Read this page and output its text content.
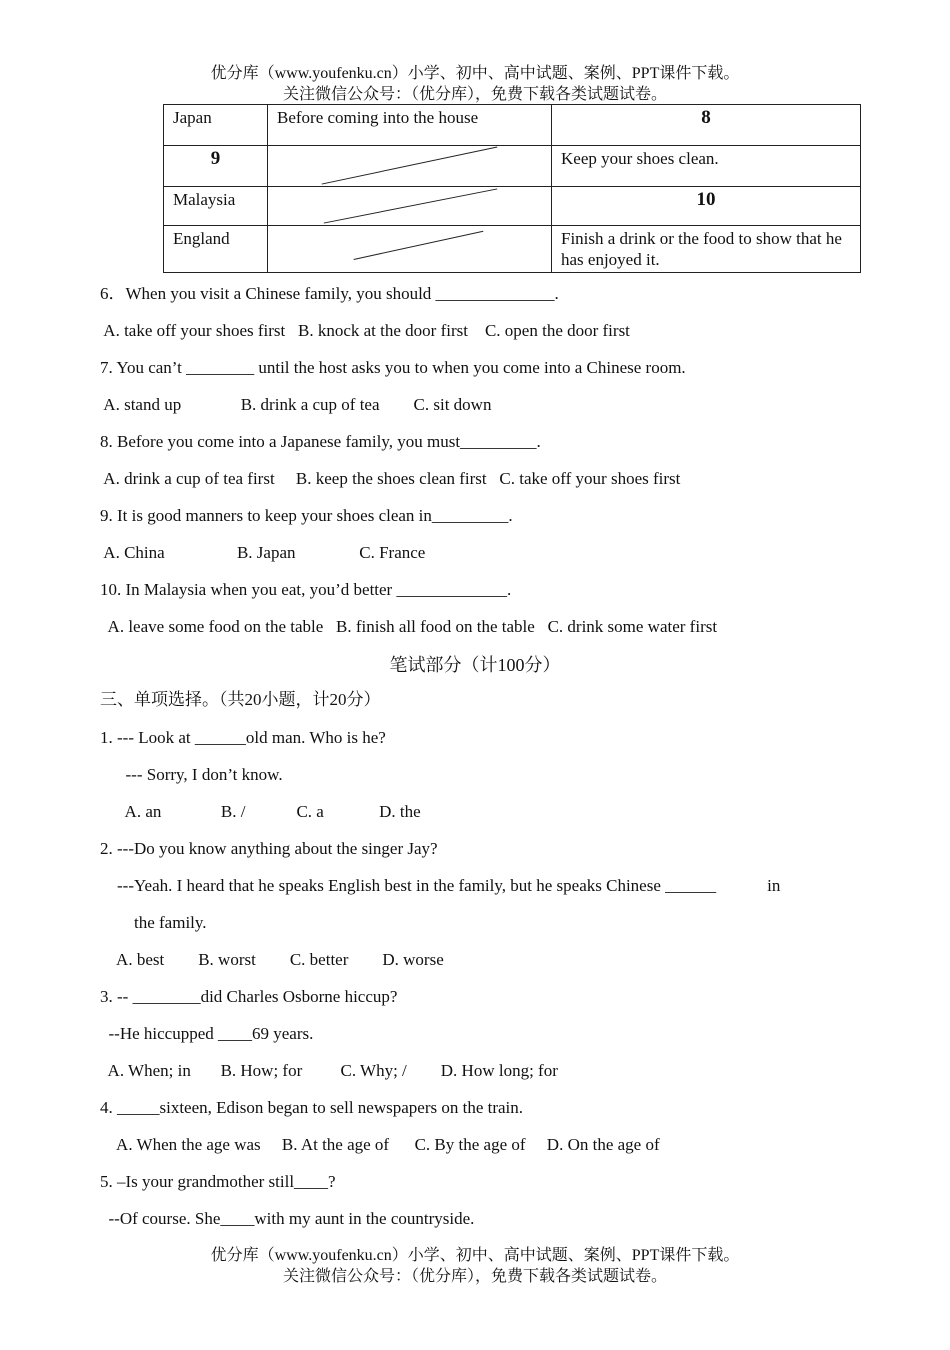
优分库（www.youfenku.cn）小学、初中、高中试题、案例、PPT课件下载。
关注微信公众号：（优分库），免费下载各类试题试卷。
Japan	Before coming into the house	8
9		Keep your shoes clean.
Malaysia		10
England		Finish a drink or the food to show that he has enjoyed it.
6．When you visit a Chinese family, you should ______________.
A. take off your shoes first   B. knock at the door first    C. open the door first
7. You can’t ________ until the host asks you to when you come into a Chinese room.
A. stand up              B. drink a cup of tea        C. sit down
8. Before you come into a Japanese family, you must_________.
A. drink a cup of tea first     B. keep the shoes clean first   C. take off your shoes first
9. It is good manners to keep your shoes clean in_________.
A. China                 B. Japan               C. France
10. In Malaysia when you eat, you’d better _____________.
A. leave some food on the table   B. finish all food on the table   C. drink some water first
笔试部分（计100分）
三、单项选择。（共20小题，计20分）
1. --- Look at ______old man. Who is he?
--- Sorry, I don’t know.
A. an              B. /            C. a             D. the
2. ---Do you know anything about the singer Jay?
---Yeah. I heard that he speaks English best in the family, but he speaks Chinese ______            in
the family.
A. best        B. worst        C. better        D. worse
3. -- ________did Charles Osborne hiccup?
--He hiccupped ____69 years.
A. When; in       B. How; for         C. Why; /        D. How long; for
4. _____sixteen, Edison began to sell newspapers on the train.
A. When the age was     B. At the age of      C. By the age of     D. On the age of
5. –Is your grandmother still____?
--Of course. She____with my aunt in the countryside.
优分库（www.youfenku.cn）小学、初中、高中试题、案例、PPT课件下载。
关注微信公众号：（优分库），免费下载各类试题试卷。
